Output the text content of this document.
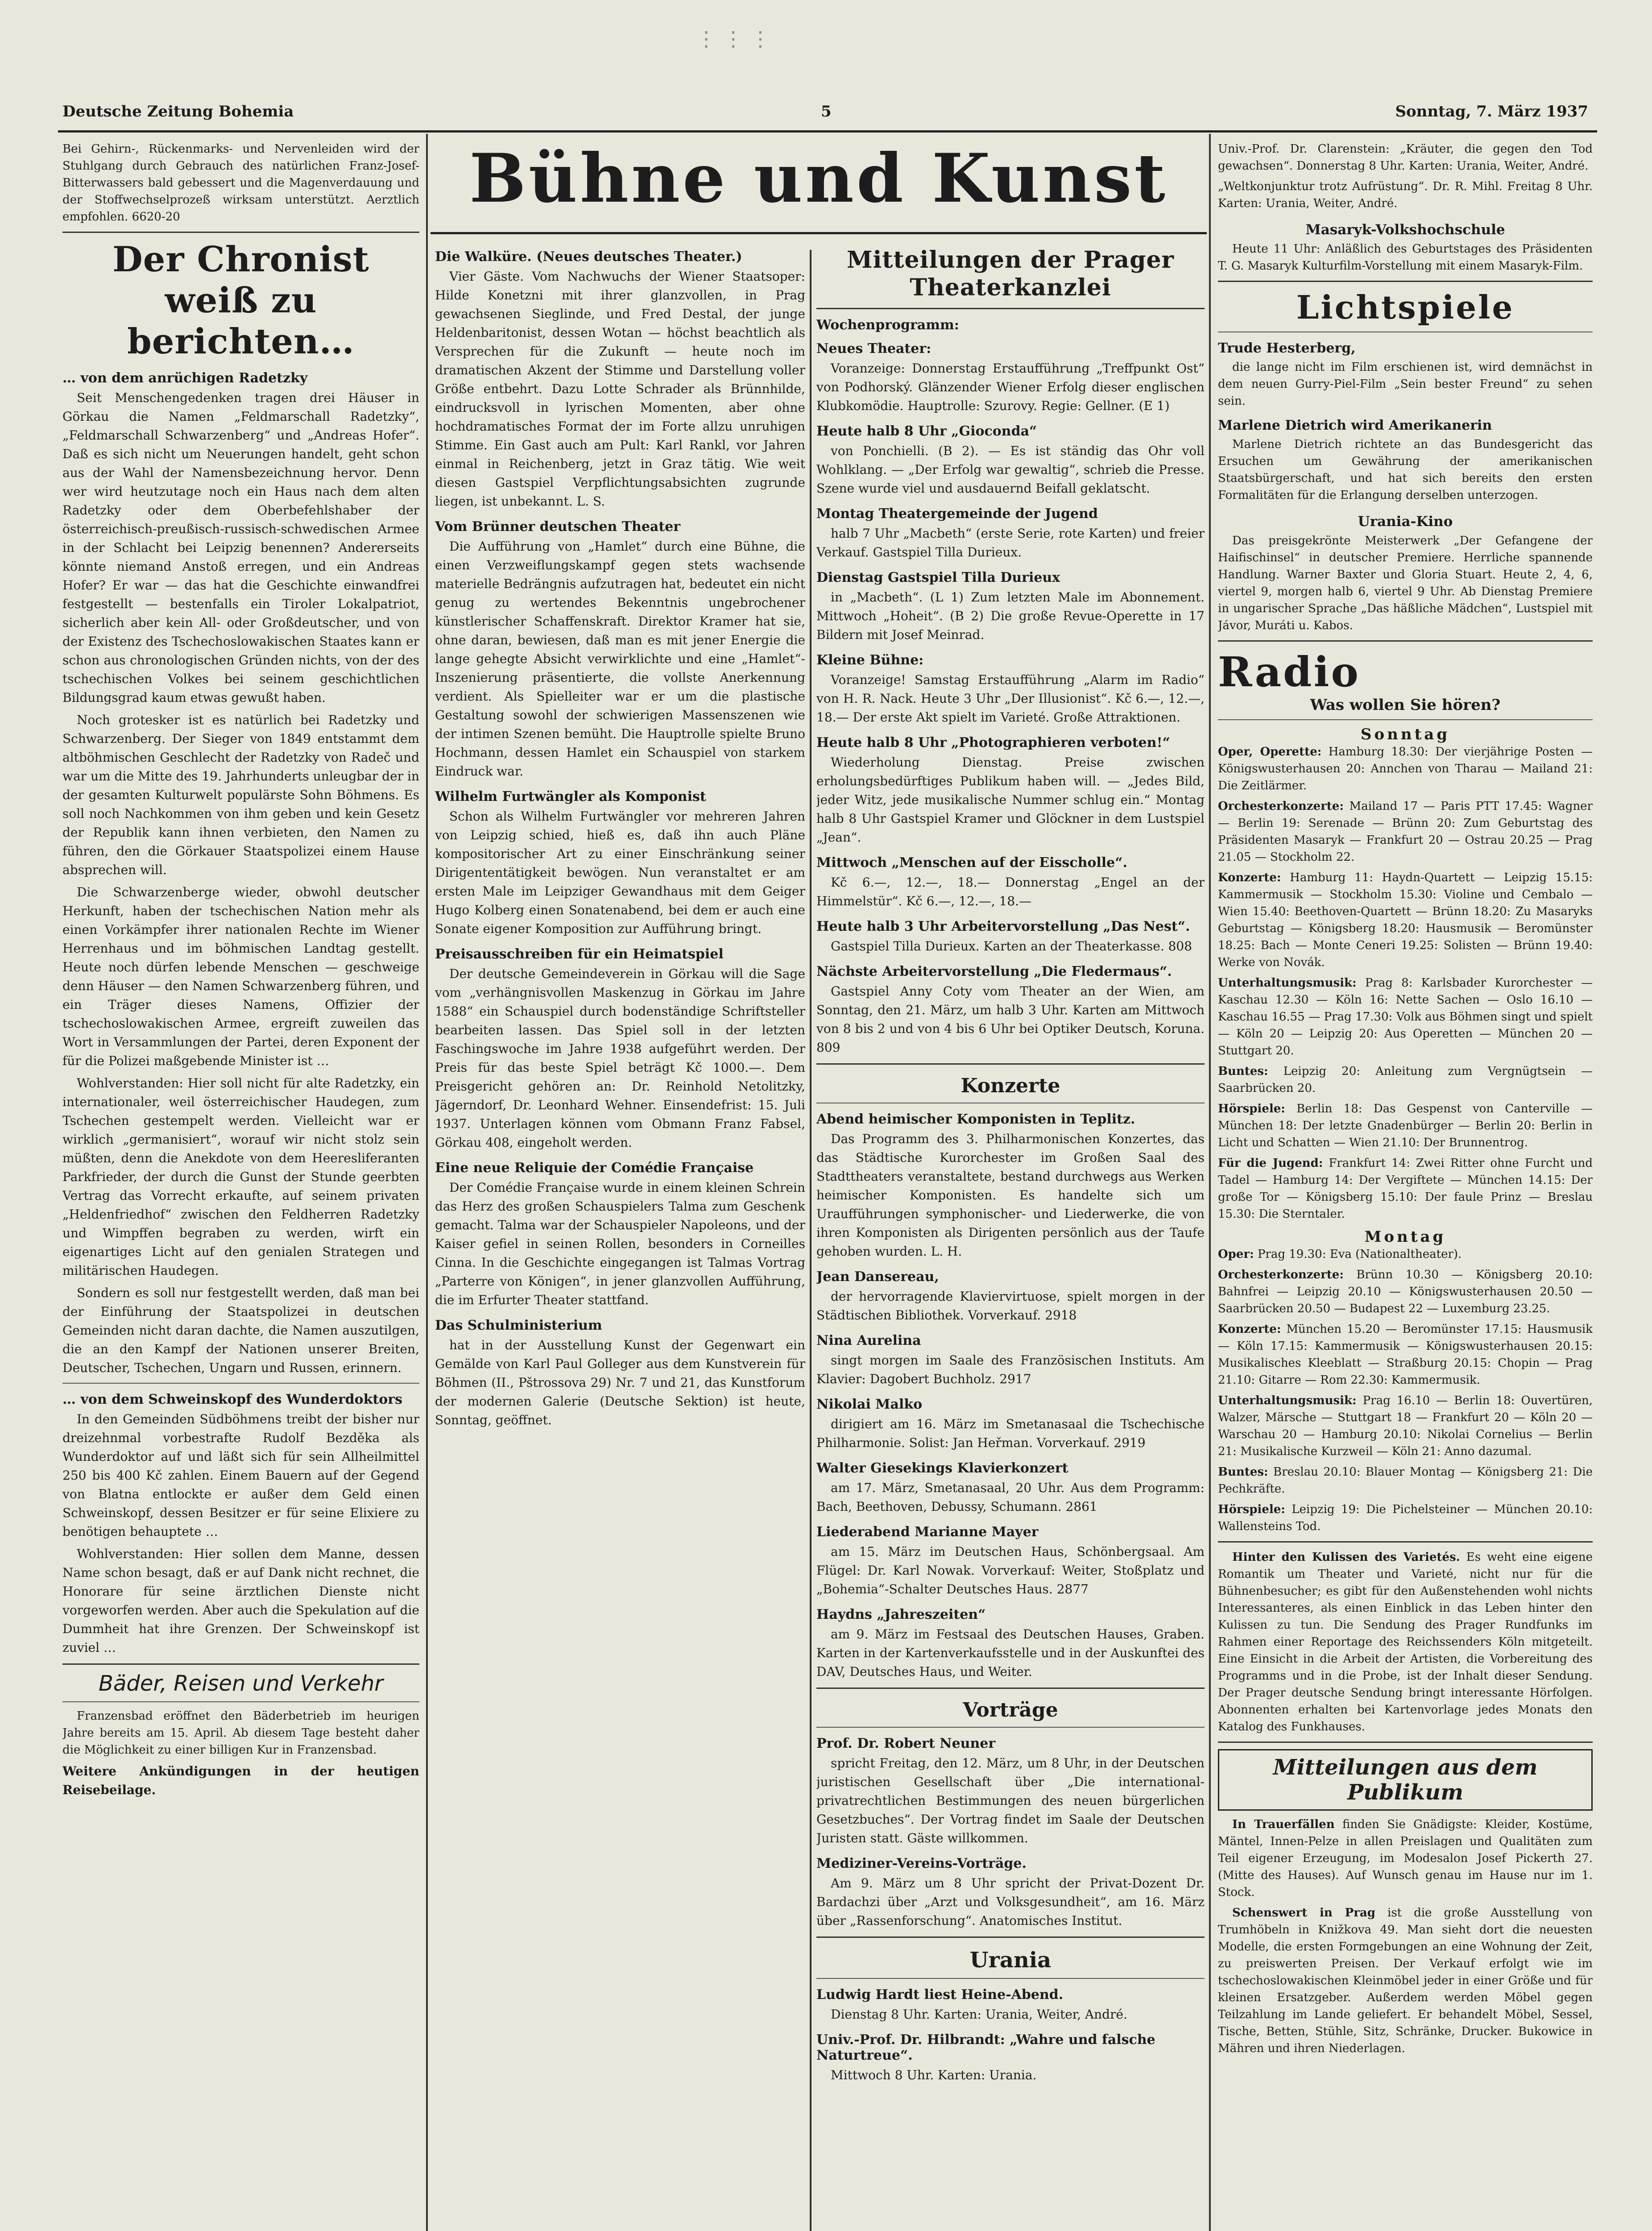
⋮ ⋮ ⋮
Deutsche Zeitung Bohemia	5	Sonntag, 7. März 1937

Bei Gehirn-, Rückenmarks- und Nervenleiden wird der Stuhlgang durch Gebrauch des natürlichen Franz-Josef-Bitterwassers bald gebessert und die Magenverdauung und der Stoffwechselprozeß wirksam unterstützt. Aerztlich empfohlen. 6620-20

Der Chronist weiß zu berichten…
… von dem anrüchigen Radetzky

Seit Menschengedenken tragen drei Häuser in Görkau die Namen „Feldmarschall Radetzky“, „Feldmarschall Schwarzenberg“ und „Andreas Hofer“. Daß es sich nicht um Neuerungen handelt, geht schon aus der Wahl der Namensbezeichnung hervor. Denn wer wird heutzutage noch ein Haus nach dem alten Radetzky oder dem Oberbefehlshaber der österreichisch-preußisch-russisch-schwedischen Armee in der Schlacht bei Leipzig benennen? Andererseits könnte niemand Anstoß erregen, und ein Andreas Hofer? Er war — das hat die Geschichte einwandfrei festgestellt — bestenfalls ein Tiroler Lokalpatriot, sicherlich aber kein All- oder Großdeutscher, und von der Existenz des Tschechoslowakischen Staates kann er schon aus chronologischen Gründen nichts, von der des tschechischen Volkes bei seinem geschichtlichen Bildungsgrad kaum etwas gewußt haben.

Noch grotesker ist es natürlich bei Radetzky und Schwarzenberg. Der Sieger von 1849 entstammt dem altböhmischen Geschlecht der Radetzky von Radeč und war um die Mitte des 19. Jahrhunderts unleugbar der in der gesamten Kulturwelt populärste Sohn Böhmens. Es soll noch Nachkommen von ihm geben und kein Gesetz der Republik kann ihnen verbieten, den Namen zu führen, den die Görkauer Staatspolizei einem Hause absprechen will.

Die Schwarzenberge wieder, obwohl deutscher Herkunft, haben der tschechischen Nation mehr als einen Vorkämpfer ihrer nationalen Rechte im Wiener Herrenhaus und im böhmischen Landtag gestellt. Heute noch dürfen lebende Menschen — geschweige denn Häuser — den Namen Schwarzenberg führen, und ein Träger dieses Namens, Offizier der tschechoslowakischen Armee, ergreift zuweilen das Wort in Versammlungen der Partei, deren Exponent der für die Polizei maßgebende Minister ist …

Wohlverstanden: Hier soll nicht für alte Radetzky, ein internationaler, weil österreichischer Haudegen, zum Tschechen gestempelt werden. Vielleicht war er wirklich „germanisiert“, worauf wir nicht stolz sein müßten, denn die Anekdote von dem Heeresliferanten Parkfrieder, der durch die Gunst der Stunde geerbten Vertrag das Vorrecht erkaufte, auf seinem privaten „Heldenfriedhof“ zwischen den Feldherren Radetzky und Wimpffen begraben zu werden, wirft ein eigenartiges Licht auf den genialen Strategen und militärischen Haudegen.

Sondern es soll nur festgestellt werden, daß man bei der Einführung der Staatspolizei in deutschen Gemeinden nicht daran dachte, die Namen auszutilgen, die an den Kampf der Nationen unserer Breiten, Deutscher, Tschechen, Ungarn und Russen, erinnern.

… von dem Schweinskopf des Wunderdoktors

In den Gemeinden Südböhmens treibt der bisher nur dreizehnmal vorbestrafte Rudolf Bezděka als Wunderdoktor auf und läßt sich für sein Allheilmittel 250 bis 400 Kč zahlen. Einem Bauern auf der Gegend von Blatna entlockte er außer dem Geld einen Schweinskopf, dessen Besitzer er für seine Elixiere zu benötigen behauptete …

Wohlverstanden: Hier sollen dem Manne, dessen Name schon besagt, daß er auf Dank nicht rechnet, die Honorare für seine ärztlichen Dienste nicht vorgeworfen werden. Aber auch die Spekulation auf die Dummheit hat ihre Grenzen. Der Schweinskopf ist zuviel …

Bäder, Reisen und Verkehr

Franzensbad eröffnet den Bäderbetrieb im heurigen Jahre bereits am 15. April. Ab diesem Tage besteht daher die Möglichkeit zu einer billigen Kur in Franzensbad.

Weitere Ankündigungen in der heutigen Reisebeilage.

Bühne und Kunst
Die Walküre. (Neues deutsches Theater.)

Vier Gäste. Vom Nachwuchs der Wiener Staatsoper: Hilde Konetzni mit ihrer glanzvollen, in Prag gewachsenen Sieglinde, und Fred Destal, der junge Heldenbaritonist, dessen Wotan — höchst beachtlich als Versprechen für die Zukunft — heute noch im dramatischen Akzent der Stimme und Darstellung voller Größe entbehrt. Dazu Lotte Schrader als Brünnhilde, eindrucksvoll in lyrischen Momenten, aber ohne hochdramatisches Format der im Forte allzu unruhigen Stimme. Ein Gast auch am Pult: Karl Rankl, vor Jahren einmal in Reichenberg, jetzt in Graz tätig. Wie weit diesen Gastspiel Verpflichtungsabsichten zugrunde liegen, ist unbekannt. L. S.

Vom Brünner deutschen Theater

Die Aufführung von „Hamlet“ durch eine Bühne, die einen Verzweiflungskampf gegen stets wachsende materielle Bedrängnis aufzutragen hat, bedeutet ein nicht genug zu wertendes Bekenntnis ungebrochener künstlerischer Schaffenskraft. Direktor Kramer hat sie, ohne daran, bewiesen, daß man es mit jener Energie die lange gehegte Absicht verwirklichte und eine „Hamlet“-Inszenierung präsentierte, die vollste Anerkennung verdient. Als Spielleiter war er um die plastische Gestaltung sowohl der schwierigen Massenszenen wie der intimen Szenen bemüht. Die Hauptrolle spielte Bruno Hochmann, dessen Hamlet ein Schauspiel von starkem Eindruck war.

Wilhelm Furtwängler als Komponist

Schon als Wilhelm Furtwängler vor mehreren Jahren von Leipzig schied, hieß es, daß ihn auch Pläne kompositorischer Art zu einer Einschränkung seiner Dirigententätigkeit bewögen. Nun veranstaltet er am ersten Male im Leipziger Gewandhaus mit dem Geiger Hugo Kolberg einen Sonatenabend, bei dem er auch eine Sonate eigener Komposition zur Aufführung bringt.

Preisausschreiben für ein Heimatspiel

Der deutsche Gemeindeverein in Görkau will die Sage vom „verhängnisvollen Maskenzug in Görkau im Jahre 1588“ ein Schauspiel durch bodenständige Schriftsteller bearbeiten lassen. Das Spiel soll in der letzten Faschingswoche im Jahre 1938 aufgeführt werden. Der Preis für das beste Spiel beträgt Kč 1000.—. Dem Preisgericht gehören an: Dr. Reinhold Netolitzky, Jägerndorf, Dr. Leonhard Wehner. Einsendefrist: 15. Juli 1937. Unterlagen können vom Obmann Franz Fabsel, Görkau 408, eingeholt werden.

Eine neue Reliquie der Comédie Française

Der Comédie Française wurde in einem kleinen Schrein das Herz des großen Schauspielers Talma zum Geschenk gemacht. Talma war der Schauspieler Napoleons, und der Kaiser gefiel in seinen Rollen, besonders in Corneilles Cinna. In die Geschichte eingegangen ist Talmas Vortrag „Parterre von Königen“, in jener glanzvollen Aufführung, die im Erfurter Theater stattfand.

Das Schulministerium

hat in der Ausstellung Kunst der Gegenwart ein Gemälde von Karl Paul Golleger aus dem Kunstverein für Böhmen (II., Pštrossova 29) Nr. 7 und 21, das Kunstforum der modernen Galerie (Deutsche Sektion) ist heute, Sonntag, geöffnet.

Mitteilungen der Prager Theaterkanzlei
Wochenprogramm:
Neues Theater:

Voranzeige: Donnerstag Erstaufführung „Treffpunkt Ost“ von Podhorský. Glänzender Wiener Erfolg dieser englischen Klubkomödie. Hauptrolle: Szurovy. Regie: Gellner. (E 1)

Heute halb 8 Uhr „Gioconda“

von Ponchielli. (B 2). — Es ist ständig das Ohr voll Wohlklang. — „Der Erfolg war gewaltig“, schrieb die Presse. Szene wurde viel und ausdauernd Beifall geklatscht.

Montag Theatergemeinde der Jugend

halb 7 Uhr „Macbeth“ (erste Serie, rote Karten) und freier Verkauf. Gastspiel Tilla Durieux.

Dienstag Gastspiel Tilla Durieux

in „Macbeth“. (L 1) Zum letzten Male im Abonnement. Mittwoch „Hoheit“. (B 2) Die große Revue-Operette in 17 Bildern mit Josef Meinrad.

Kleine Bühne:

Voranzeige! Samstag Erstaufführung „Alarm im Radio“ von H. R. Nack. Heute 3 Uhr „Der Illusionist“. Kč 6.—, 12.—, 18.— Der erste Akt spielt im Varieté. Große Attraktionen.

Heute halb 8 Uhr „Photographieren verboten!“

Wiederholung Dienstag. Preise zwischen erholungsbedürftiges Publikum haben will. — „Jedes Bild, jeder Witz, jede musikalische Nummer schlug ein.“ Montag halb 8 Uhr Gastspiel Kramer und Glöckner in dem Lustspiel „Jean“.

Mittwoch „Menschen auf der Eisscholle“.

Kč 6.—, 12.—, 18.— Donnerstag „Engel an der Himmelstür“. Kč 6.—, 12.—, 18.—

Heute halb 3 Uhr Arbeitervorstellung „Das Nest“.

Gastspiel Tilla Durieux. Karten an der Theaterkasse. 808

Nächste Arbeitervorstellung „Die Fledermaus“.

Gastspiel Anny Coty vom Theater an der Wien, am Sonntag, den 21. März, um halb 3 Uhr. Karten am Mittwoch von 8 bis 2 und von 4 bis 6 Uhr bei Optiker Deutsch, Koruna. 809

Konzerte
Abend heimischer Komponisten in Teplitz.

Das Programm des 3. Philharmonischen Konzertes, das das Städtische Kurorchester im Großen Saal des Stadttheaters veranstaltete, bestand durchwegs aus Werken heimischer Komponisten. Es handelte sich um Uraufführungen symphonischer- und Liederwerke, die von ihren Komponisten als Dirigenten persönlich aus der Taufe gehoben wurden. L. H.

Jean Dansereau,

der hervorragende Klaviervirtuose, spielt morgen in der Städtischen Bibliothek. Vorverkauf. 2918

Nina Aurelina

singt morgen im Saale des Französischen Instituts. Am Klavier: Dagobert Buchholz. 2917

Nikolai Malko

dirigiert am 16. März im Smetanasaal die Tschechische Philharmonie. Solist: Jan Heřman. Vorverkauf. 2919

Walter Giesekings Klavierkonzert

am 17. März, Smetanasaal, 20 Uhr. Aus dem Programm: Bach, Beethoven, Debussy, Schumann. 2861

Liederabend Marianne Mayer

am 15. März im Deutschen Haus, Schönbergsaal. Am Flügel: Dr. Karl Nowak. Vorverkauf: Weiter, Stoßplatz und „Bohemia“-Schalter Deutsches Haus. 2877

Haydns „Jahreszeiten“

am 9. März im Festsaal des Deutschen Hauses, Graben. Karten in der Kartenverkaufsstelle und in der Auskunftei des DAV, Deutsches Haus, und Weiter.

Vorträge
Prof. Dr. Robert Neuner

spricht Freitag, den 12. März, um 8 Uhr, in der Deutschen juristischen Gesellschaft über „Die international-privatrechtlichen Bestimmungen des neuen bürgerlichen Gesetzbuches“. Der Vortrag findet im Saale der Deutschen Juristen statt. Gäste willkommen.

Mediziner-Vereins-Vorträge.

Am 9. März um 8 Uhr spricht der Privat-Dozent Dr. Bardachzi über „Arzt und Volksgesundheit“, am 16. März über „Rassenforschung“. Anatomisches Institut.

Urania
Ludwig Hardt liest Heine-Abend.

Dienstag 8 Uhr. Karten: Urania, Weiter, André.

Univ.-Prof. Dr. Hilbrandt: „Wahre und falsche Naturtreue“.

Mittwoch 8 Uhr. Karten: Urania.

Univ.-Prof. Dr. Clarenstein: „Kräuter, die gegen den Tod gewachsen“. Donnerstag 8 Uhr. Karten: Urania, Weiter, André.

„Weltkonjunktur trotz Aufrüstung“. Dr. R. Mihl. Freitag 8 Uhr. Karten: Urania, Weiter, André.

Masaryk-Volkshochschule

Heute 11 Uhr: Anläßlich des Geburtstages des Präsidenten T. G. Masaryk Kulturfilm-Vorstellung mit einem Masaryk-Film.

Lichtspiele
Trude Hesterberg,

die lange nicht im Film erschienen ist, wird demnächst in dem neuen Gurry-Piel-Film „Sein bester Freund“ zu sehen sein.

Marlene Dietrich wird Amerikanerin

Marlene Dietrich richtete an das Bundesgericht das Ersuchen um Gewährung der amerikanischen Staatsbürgerschaft, und hat sich bereits den ersten Formalitäten für die Erlangung derselben unterzogen.

Urania-Kino

Das preisgekrönte Meisterwerk „Der Gefangene der Haifischinsel“ in deutscher Premiere. Herrliche spannende Handlung. Warner Baxter und Gloria Stuart. Heute 2, 4, 6, viertel 9, morgen halb 6, viertel 9 Uhr. Ab Dienstag Premiere in ungarischer Sprache „Das häßliche Mädchen“, Lustspiel mit Jávor, Muráti u. Kabos.

Radio
Was wollen Sie hören?
Sonntag

Oper, Operette: Hamburg 18.30: Der vierjährige Posten — Königswusterhausen 20: Annchen von Tharau — Mailand 21: Die Zeitlärmer.

Orchesterkonzerte: Mailand 17 — Paris PTT 17.45: Wagner — Berlin 19: Serenade — Brünn 20: Zum Geburtstag des Präsidenten Masaryk — Frankfurt 20 — Ostrau 20.25 — Prag 21.05 — Stockholm 22.

Konzerte: Hamburg 11: Haydn-Quartett — Leipzig 15.15: Kammermusik — Stockholm 15.30: Violine und Cembalo — Wien 15.40: Beethoven-Quartett — Brünn 18.20: Zu Masaryks Geburtstag — Königsberg 18.20: Hausmusik — Beromünster 18.25: Bach — Monte Ceneri 19.25: Solisten — Brünn 19.40: Werke von Novák.

Unterhaltungsmusik: Prag 8: Karlsbader Kurorchester — Kaschau 12.30 — Köln 16: Nette Sachen — Oslo 16.10 — Kaschau 16.55 — Prag 17.30: Volk aus Böhmen singt und spielt — Köln 20 — Leipzig 20: Aus Operetten — München 20 — Stuttgart 20.

Buntes: Leipzig 20: Anleitung zum Vergnügtsein — Saarbrücken 20.

Hörspiele: Berlin 18: Das Gespenst von Canterville — München 18: Der letzte Gnadenbürger — Berlin 20: Berlin in Licht und Schatten — Wien 21.10: Der Brunnentrog.

Für die Jugend: Frankfurt 14: Zwei Ritter ohne Furcht und Tadel — Hamburg 14: Der Vergiftete — München 14.15: Der große Tor — Königsberg 15.10: Der faule Prinz — Breslau 15.30: Die Sterntaler.

Montag

Oper: Prag 19.30: Eva (Nationaltheater).

Orchesterkonzerte: Brünn 10.30 — Königsberg 20.10: Bahnfrei — Leipzig 20.10 — Königswusterhausen 20.50 — Saarbrücken 20.50 — Budapest 22 — Luxemburg 23.25.

Konzerte: München 15.20 — Beromünster 17.15: Hausmusik — Köln 17.15: Kammermusik — Königswusterhausen 20.15: Musikalisches Kleeblatt — Straßburg 20.15: Chopin — Prag 21.10: Gitarre — Rom 22.30: Kammermusik.

Unterhaltungsmusik: Prag 16.10 — Berlin 18: Ouvertüren, Walzer, Märsche — Stuttgart 18 — Frankfurt 20 — Köln 20 — Warschau 20 — Hamburg 20.10: Nikolai Cornelius — Berlin 21: Musikalische Kurzweil — Köln 21: Anno dazumal.

Buntes: Breslau 20.10: Blauer Montag — Königsberg 21: Die Pechkräfte.

Hörspiele: Leipzig 19: Die Pichelsteiner — München 20.10: Wallensteins Tod.

Hinter den Kulissen des Varietés. Es weht eine eigene Romantik um Theater und Varieté, nicht nur für die Bühnenbesucher; es gibt für den Außenstehenden wohl nichts Interessanteres, als einen Einblick in das Leben hinter den Kulissen zu tun. Die Sendung des Prager Rundfunks im Rahmen einer Reportage des Reichssenders Köln mitgeteilt. Eine Einsicht in die Arbeit der Artisten, die Vorbereitung des Programms und in die Probe, ist der Inhalt dieser Sendung. Der Prager deutsche Sendung bringt interessante Hörfolgen. Abonnenten erhalten bei Kartenvorlage jedes Monats den Katalog des Funkhauses.

Mitteilungen aus dem Publikum

In Trauerfällen finden Sie Gnädigste: Kleider, Kostüme, Mäntel, Innen-Pelze in allen Preislagen und Qualitäten zum Teil eigener Erzeugung, im Modesalon Josef Pickerth 27. (Mitte des Hauses). Auf Wunsch genau im Hause nur im 1. Stock.

Schenswert in Prag ist die große Ausstellung von Trumhöbeln in Knižkova 49. Man sieht dort die neuesten Modelle, die ersten Formgebungen an eine Wohnung der Zeit, zu preiswerten Preisen. Der Verkauf erfolgt wie im tschechoslowakischen Kleinmöbel jeder in einer Größe und für kleinen Ersatzgeber. Außerdem werden Möbel gegen Teilzahlung im Lande geliefert. Er behandelt Möbel, Sessel, Tische, Betten, Stühle, Sitz, Schränke, Drucker. Bukowice in Mähren und ihren Niederlagen.
